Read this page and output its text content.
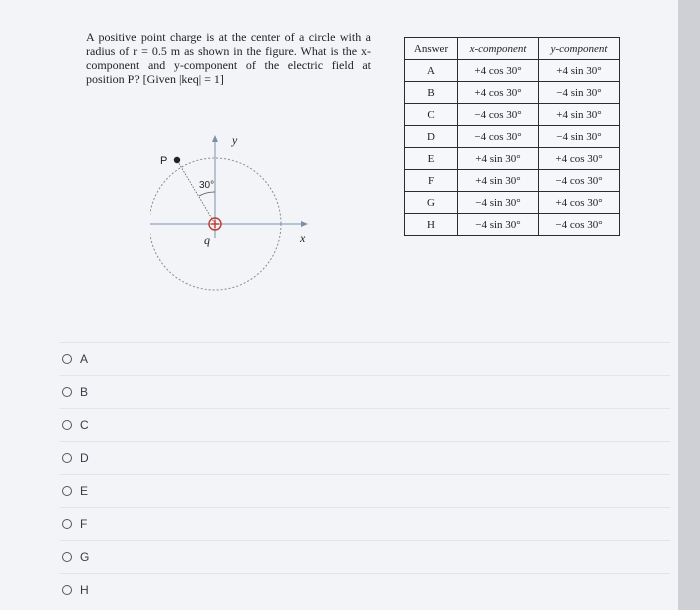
A positive point charge is at the center of a circle with a radius of r = 0.5 m as shown in the figure. What is the x-component and y-component of the electric field at position P? [Given |keq| = 1]
P
30°
q	x
y
Answer	x-component	y-component
A	+4 cos 30°	+4 sin 30°
B	+4 cos 30°	−4 sin 30°
C	−4 cos 30°	+4 sin 30°
D	−4 cos 30°	−4 sin 30°
E	+4 sin 30°	+4 cos 30°
F	+4 sin 30°	−4 cos 30°
G	−4 sin 30°	+4 cos 30°
H	−4 sin 30°	−4 cos 30°
A
B
C
D
E
F
G
H
